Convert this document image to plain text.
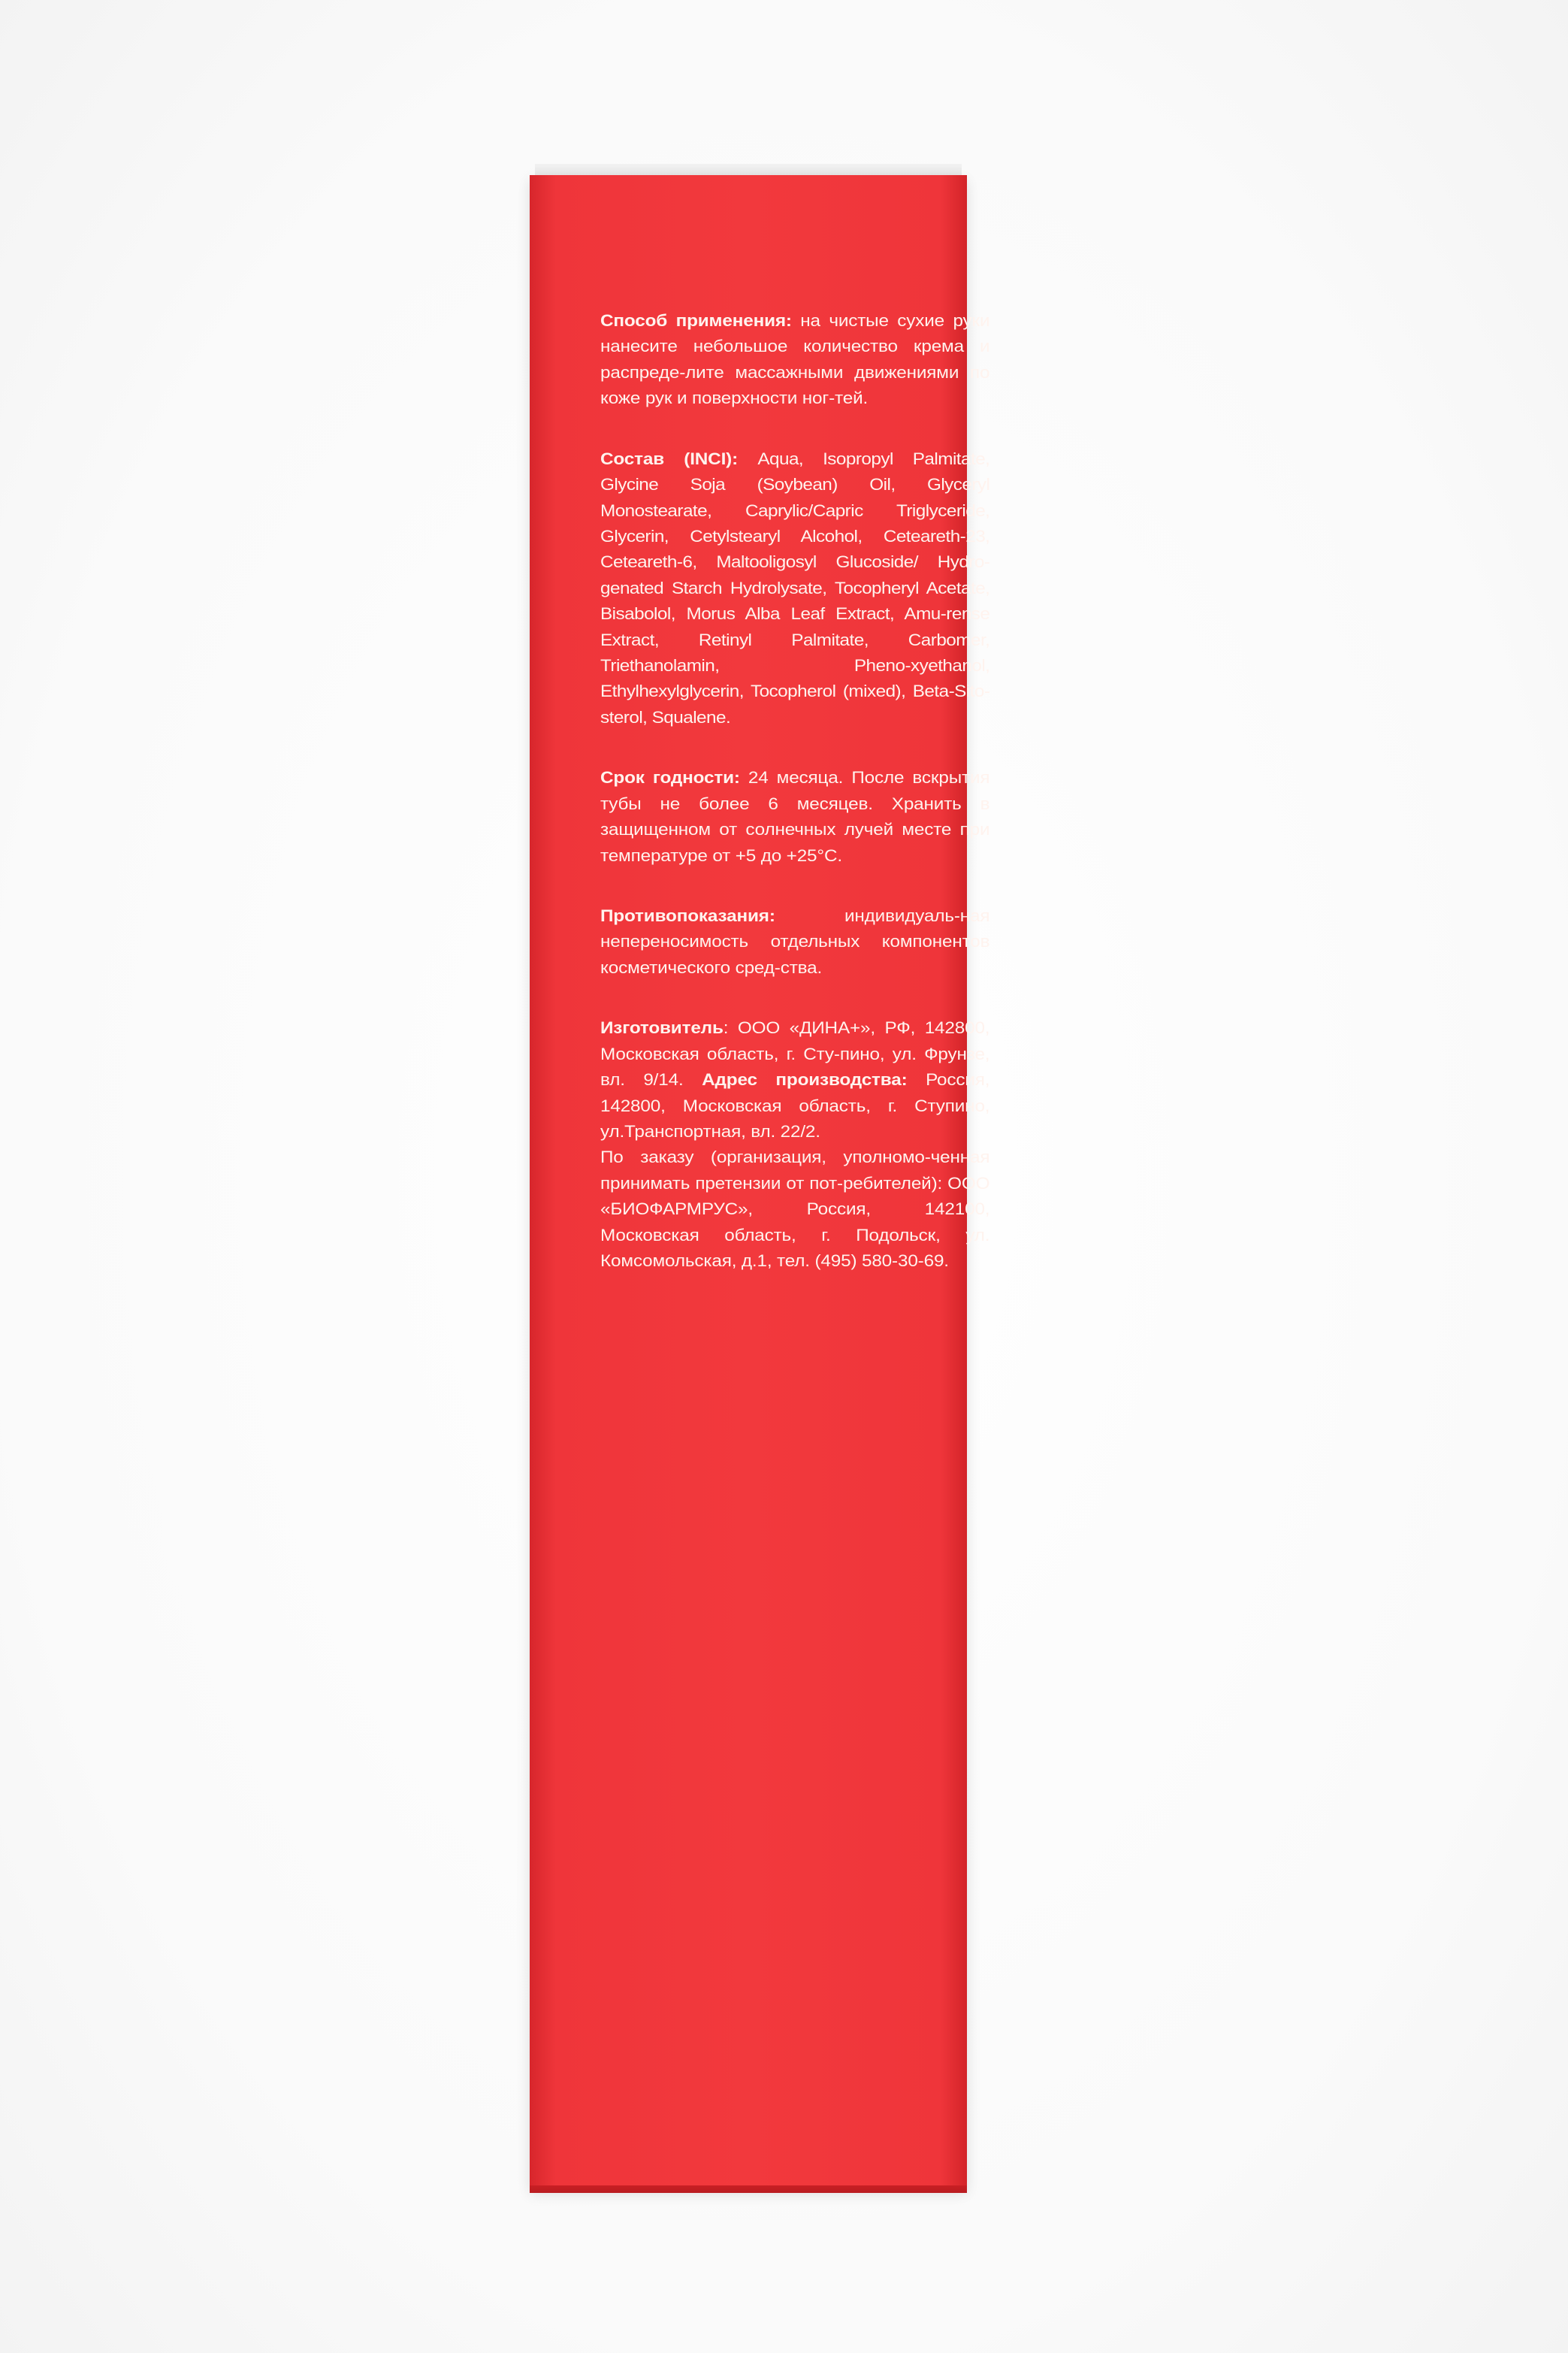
Способ применения: на чистые сухие руки нанесите небольшое количество крема и распреде-лите массажными движениями по коже рук и поверхности ног-тей.

Состав (INCI): Aqua, Isopropyl Palmitate, Glycine Soja (Soybean) Oil, Glyceryl Monostearate, Caprylic/Capric Triglyceride, Glycerin, Cetylstearyl Alcohol, Ceteareth-23, Ceteareth-6, Maltooligosyl Glucoside/ Hydro-genated Starch Hydrolysate, Tocopheryl Acetate, Bisabolol, Morus Alba Leaf Extract, Amu-rense Extract, Retinyl Palmitate, Carbomer, Triethanolamin, Pheno-xyethanol, Ethylhexylglycerin, Tocopherol (mixed), Beta-Sito-sterol, Squalene.

Срок годности: 24 месяца. После вскрытия тубы не более 6 месяцев. Хранить в защищенном от солнечных лучей месте при температуре от +5 до +25°С.

Противопоказания:	индивидуаль-ная непереносимость отдельных компонентов косметического сред-ства.

Изготовитель: ООО «ДИНА+», РФ, 142800, Московская область, г. Сту-пино, ул. Фрунзе, вл. 9/14. Адрес производства: Россия, 142800, Московская область, г. Ступино, ул.Транспортная, вл. 22/2.
По заказу (организация, уполномо-ченная принимать претензии от пот-ребителей): ООО «БИОФАРМРУС», Россия, 142100, Московская область, г. Подольск, ул. Комсомольская, д.1, тел. (495) 580-30-69.
